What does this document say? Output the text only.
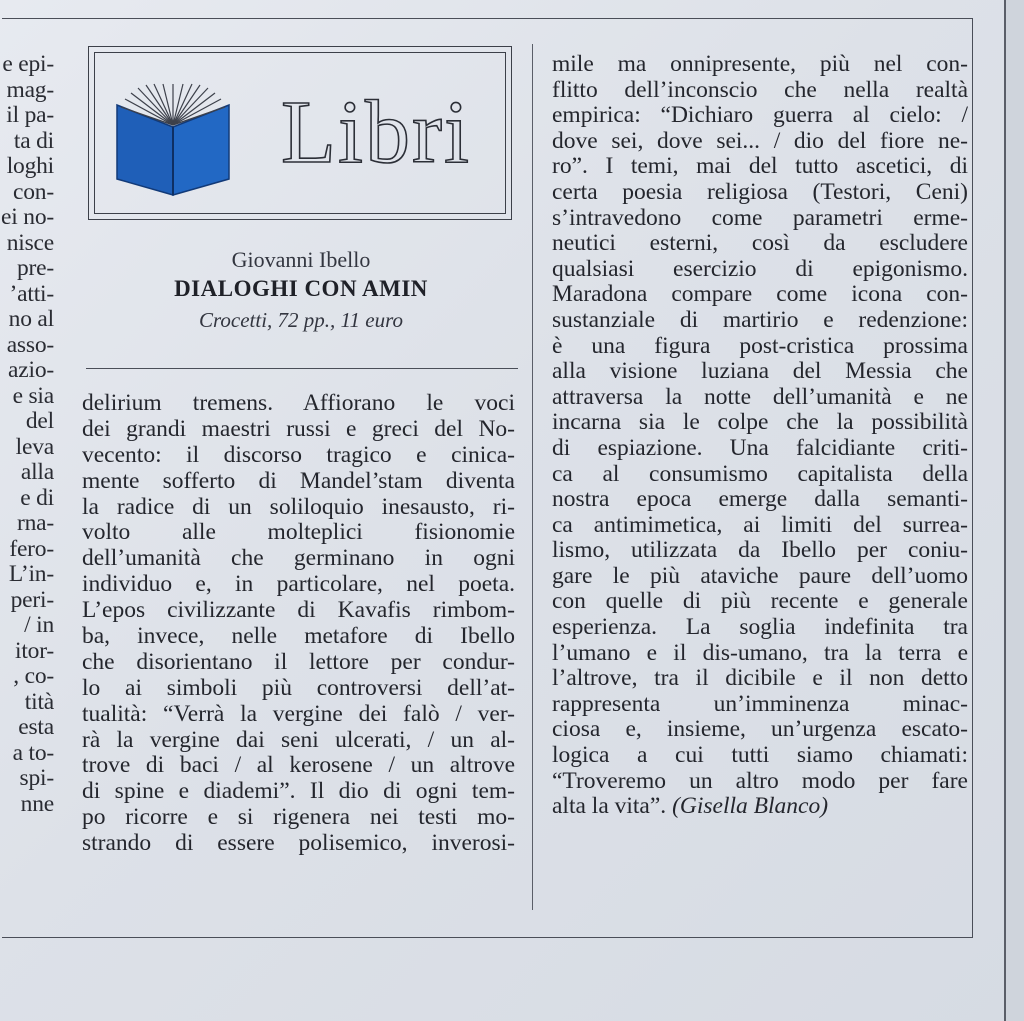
e epi-
mag-
il pa-
ta di
loghi
con-
ei no-
nisce
pre-
’atti-
no al
asso-
azio-
e sia
del
leva
alla
e di
rna-
fero-
L’in-
peri-
/ in
itor-
, co-
tità
esta
a to-
spi-
nne
Libri
Giovanni Ibello
DIALOGHI CON AMIN
Crocetti, 72 pp., 11 euro
delirium tremens. Affiorano le voci
dei grandi maestri russi e greci del No-
vecento: il discorso tragico e cinica-
mente sofferto di Mandel’stam diventa
la radice di un soliloquio inesausto, ri-
volto alle molteplici fisionomie
dell’umanità che germinano in ogni
individuo e, in particolare, nel poeta.
L’epos civilizzante di Kavafis rimbom-
ba, invece, nelle metafore di Ibello
che disorientano il lettore per condur-
lo ai simboli più controversi dell’at-
tualità: “Verrà la vergine dei falò / ver-
rà la vergine dai seni ulcerati, / un al-
trove di baci / al kerosene / un altrove
di spine e diademi”. Il dio di ogni tem-
po ricorre e si rigenera nei testi mo-
strando di essere polisemico, inverosi-
mile ma onnipresente, più nel con-
flitto dell’inconscio che nella realtà
empirica: “Dichiaro guerra al cielo: /
dove sei, dove sei... / dio del fiore ne-
ro”. I temi, mai del tutto ascetici, di
certa poesia religiosa (Testori, Ceni)
s’intravedono come parametri erme-
neutici esterni, così da escludere
qualsiasi esercizio di epigonismo.
Maradona compare come icona con-
sustanziale di martirio e redenzione:
è una figura post-cristica prossima
alla visione luziana del Messia che
attraversa la notte dell’umanità e ne
incarna sia le colpe che la possibilità
di espiazione. Una falcidiante criti-
ca al consumismo capitalista della
nostra epoca emerge dalla semanti-
ca antimimetica, ai limiti del surrea-
lismo, utilizzata da Ibello per coniu-
gare le più ataviche paure dell’uomo
con quelle di più recente e generale
esperienza. La soglia indefinita tra
l’umano e il dis-umano, tra la terra e
l’altrove, tra il dicibile e il non detto
rappresenta un’imminenza minac-
ciosa e, insieme, un’urgenza escato-
logica a cui tutti siamo chiamati:
“Troveremo un altro modo per fare
alta la vita”. (Gisella Blanco)
